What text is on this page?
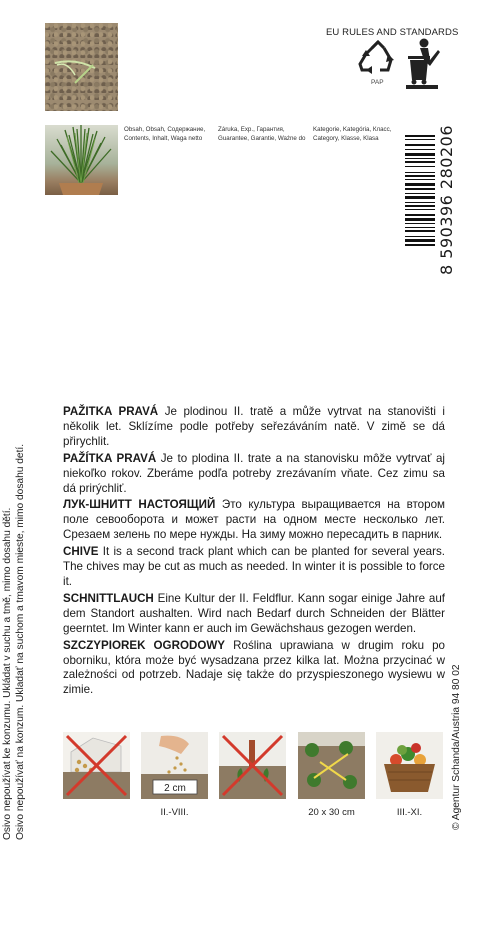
Osivo nepoužívat ke konzumu. Ukládat v suchu a tmě, mimo dosahu dětí. Osivo nepoužívať na konzum. Ukladať na suchom a tmavom mieste, mimo dosahu detí.
Obsah, Obsah, Содержание,
Contents, Inhalt, Waga netto
Záruka, Exp., Гарантия,
Guarantee, Garantie, Ważne do
Kategorie, Kategória, Класс,
Category, Klasse, Klasa
EU RULES AND STANDARDS
PAP
8 590396 280206
PAŽITKA PRAVÁ Je plodinou II. tratě a může vytrvat na stanovišti i několik let. Sklízíme podle potřeby seřezáváním natě. V zimě se dá přirychlit.
PAŽÍTKA PRAVÁ Je to plodina II. trate a na stanovisku môže vytrvať aj niekoľko rokov. Zberáme podľa potreby zrezávaním vňate. Cez zimu sa dá prirýchliť.
ЛУК-ШНИТТ НАСТОЯЩИЙ Это культура выращивается на втором поле севооборота и может расти на одном месте несколько лет. Срезаем зелень по мере нужды. На зиму можно пересадить в парник.
CHIVE It is a second track plant which can be planted for several years. The chives may be cut as much as needed. In winter it is possible to force it.
SCHNITTLAUCH Eine Kultur der II. Feldflur. Kann sogar einige Jahre auf dem Standort aushalten. Wird nach Bedarf durch Schneiden der Blätter geerntet. Im Winter kann er auch im Gewächshaus gezogen werden.
SZCZYPIOREK OGRODOWY Roślina uprawiana w drugim roku po oborniku, która może być wysadzana przez kilka lat. Można przycinać w zależności od potrzeb. Nadaje się także do przyspieszonego wysiewu w zimie.	© Agentur Schanda/Austria 94 80 02
2 cm
II.-VIII.	20 x 30 cm	III.-XI.
